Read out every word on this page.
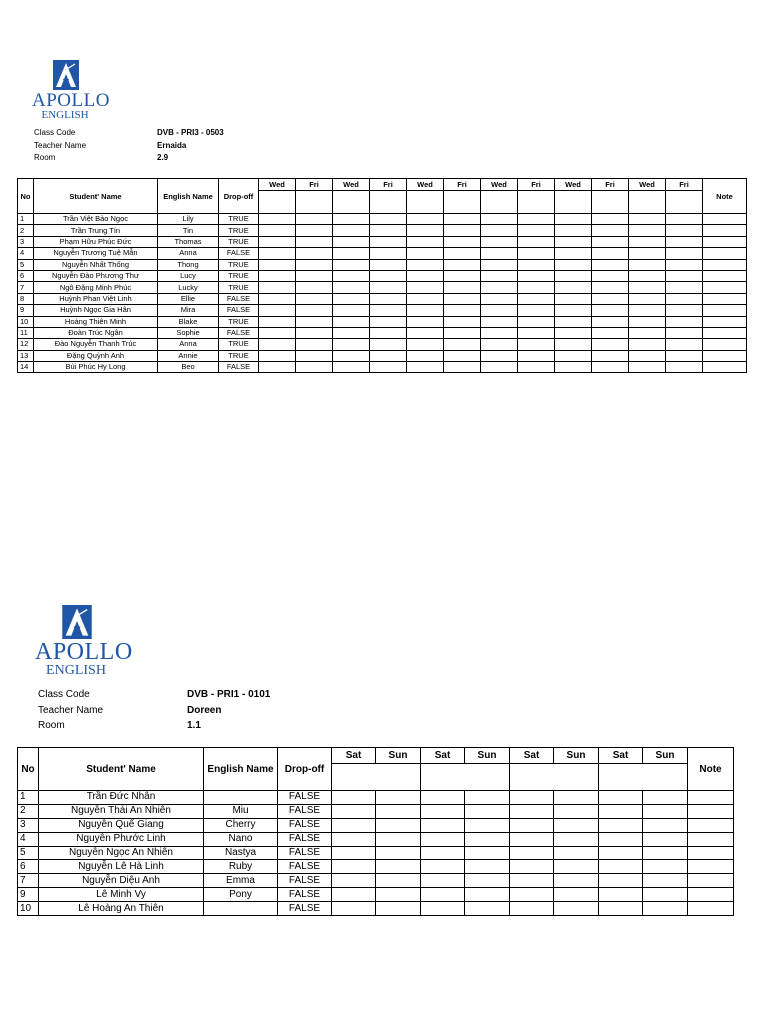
APOLLO
ENGLISH
Class Code	DVB - PRI3 - 0503
Teacher Name	Ernaida
Room	2.9
No	Student' Name	English Name	Drop-off	Wed	Fri	Wed	Fri	Wed	Fri	Wed	Fri	Wed	Fri	Wed	Fri	Note

1	Trần Việt Bảo Ngọc	Lily	TRUE													
2	Trần Trung Tín	Tin	TRUE													
3	Phạm Hữu Phúc Đức	Thomas	TRUE													
4	Nguyễn Trương Tuệ Mẫn	Anna	FALSE													
5	Nguyễn Nhất Thống	Thong	TRUE													
6	Nguyễn Đào Phương Thư	Lucy	TRUE													
7	Ngô Đặng Minh Phúc	Lucky	TRUE													
8	Huỳnh Phan Việt Linh	Ellie	FALSE													
9	Huỳnh Ngọc Gia Hân	Mira	FALSE													
10	Hoàng Thiên Minh	Blake	TRUE													
11	Đoàn Trúc Ngân	Sophie	FALSE													
12	Đào Nguyễn Thanh Trúc	Anna	TRUE													
13	Đặng Quỳnh Anh	Annie	TRUE													
14	Bùi Phúc Hy Long	Beo	FALSE													
APOLLO
ENGLISH
Class Code	DVB - PRI1 - 0101
Teacher Name	Doreen
Room	1.1
No	Student' Name	English Name	Drop-off	Sat	Sun	Sat	Sun	Sat	Sun	Sat	Sun	Note

1	Trần Đức Nhân		FALSE									
2	Nguyễn Thái An Nhiên	Miu	FALSE									
3	Nguyễn Quế Giang	Cherry	FALSE									
4	Nguyễn Phước Linh	Nano	FALSE									
5	Nguyễn Ngọc An Nhiên	Nastya	FALSE									
6	Nguyễn Lê Hà Linh	Ruby	FALSE									
7	Nguyễn Diệu Anh	Emma	FALSE									
9	Lê Minh Vy	Pony	FALSE									
10	Lê Hoàng An Thiên		FALSE									
